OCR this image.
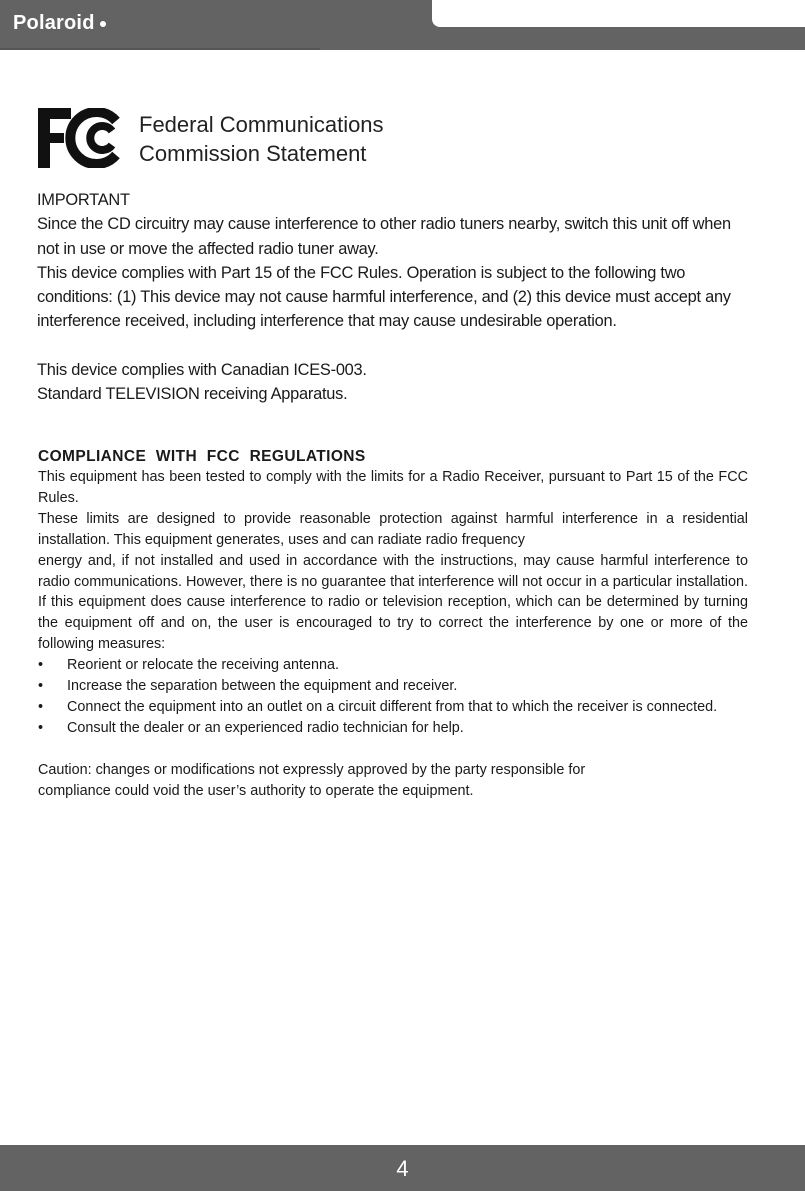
Polaroid
Federal Communications
Commission Statement

IMPORTANT

Since the CD circuitry may cause interference to other radio tuners nearby, switch this unit off when not in use or move the affected radio tuner away.

This device complies with Part 15 of the FCC Rules. Operation is subject to the following two conditions: (1) This device may not cause harmful interference, and (2) this device must accept any interference received, including interference that may cause undesirable operation.

This device complies with Canadian ICES-003.

Standard TELEVISION receiving Apparatus.

COMPLIANCE WITH FCC REGULATIONS

This equipment has been tested to comply with the limits for a Radio Receiver, pursuant to Part 15 of the FCC Rules.

These limits are designed to provide reasonable protection against harmful interference in a residential installation. This equipment generates, uses and can radiate radio frequency

energy and, if not installed and used in accordance with the instructions, may cause harmful interference to radio communications. However, there is no guarantee that interference will not occur in a particular installation. If this equipment does cause interference to radio or television reception, which can be determined by turning the equipment off and on, the user is encouraged to try to correct the interference by one or more of the following measures:

• Reorient or relocate the receiving antenna.
• Increase the separation between the equipment and receiver.
• Connect the equipment into an outlet on a circuit different from that to which the receiver is connected.
• Consult the dealer or an experienced radio technician for help.

Caution: changes or modifications not expressly approved by the party responsible for

compliance could void the user’s authority to operate the equipment.

4
